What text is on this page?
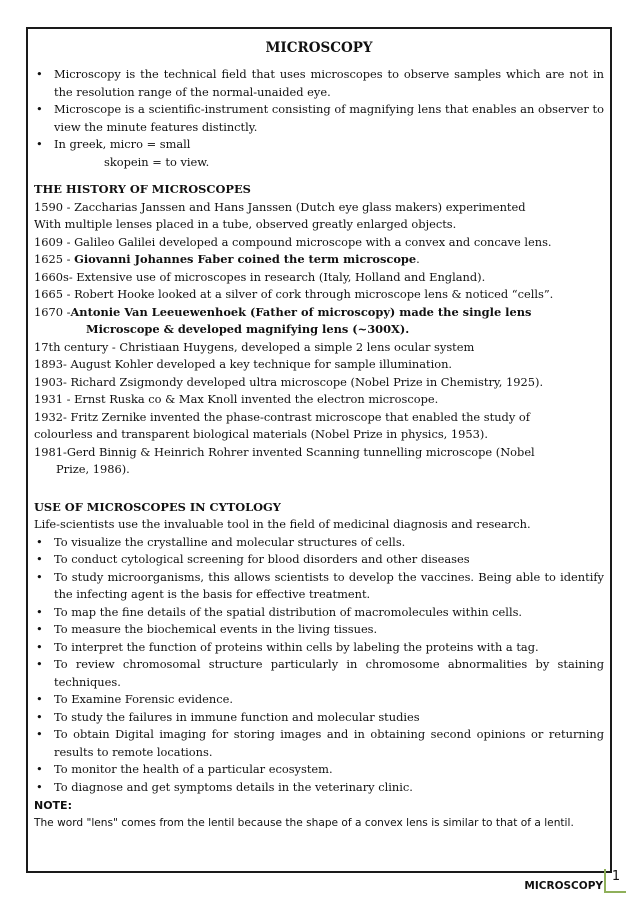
MICROSCOPY
• Microscopy is the technical field that uses microscopes to observe samples which are not in the resolution range of the normal-unaided eye.
• Microscope is a scientific-instrument consisting of magnifying lens that enables an observer to view the minute features distinctly.
• In greek, micro = small
skopein = to view.
THE HISTORY OF MICROSCOPES
1590 - Zaccharias Janssen and Hans Janssen (Dutch eye glass makers) experimented
With multiple lenses placed in a tube, observed greatly enlarged objects.
1609 - Galileo Galilei developed a compound microscope with a convex and concave lens.
1625 - Giovanni Johannes Faber coined the term microscope.
1660s- Extensive use of microscopes in research (Italy, Holland and England).
1665 - Robert Hooke looked at a silver of cork through microscope lens & noticed “cells”.
1670 -Antonie Van Leeuewenhoek (Father of microscopy) made the single lens
Microscope & developed magnifying lens (~300X).
17th century - Christiaan Huygens, developed a simple 2 lens ocular system
1893- August Kohler developed a key technique for sample illumination.
1903- Richard Zsigmondy developed ultra microscope (Nobel Prize in Chemistry, 1925).
1931 - Ernst Ruska co & Max Knoll invented the electron microscope.
1932- Fritz Zernike invented the phase-contrast microscope that enabled the study of
colourless and transparent biological materials (Nobel Prize in physics, 1953).
1981-Gerd Binnig & Heinrich Rohrer invented Scanning tunnelling microscope (Nobel
Prize, 1986).
USE OF MICROSCOPES IN CYTOLOGY
Life-scientists use the invaluable tool in the field of medicinal diagnosis and research.
• To visualize the crystalline and molecular structures of cells.
• To conduct cytological screening for blood disorders and other diseases
• To study microorganisms, this allows scientists to develop the vaccines. Being able to identify the infecting agent is the basis for effective treatment.
• To map the fine details of the spatial distribution of macromolecules within cells.
• To measure the biochemical events in the living tissues.
• To interpret the function of proteins within cells by labeling the proteins with a tag.
• To review chromosomal structure particularly in chromosome abnormalities by staining techniques.
• To Examine Forensic evidence.
• To study the failures in immune function and molecular studies
• To obtain Digital imaging for storing images and in obtaining second opinions or returning results to remote locations.
• To monitor the health of a particular ecosystem.
• To diagnose and get symptoms details in the veterinary clinic.
NOTE:
The word "lens" comes from the lentil because the shape of a convex lens is similar to that of a lentil.
MICROSCOPY
1
